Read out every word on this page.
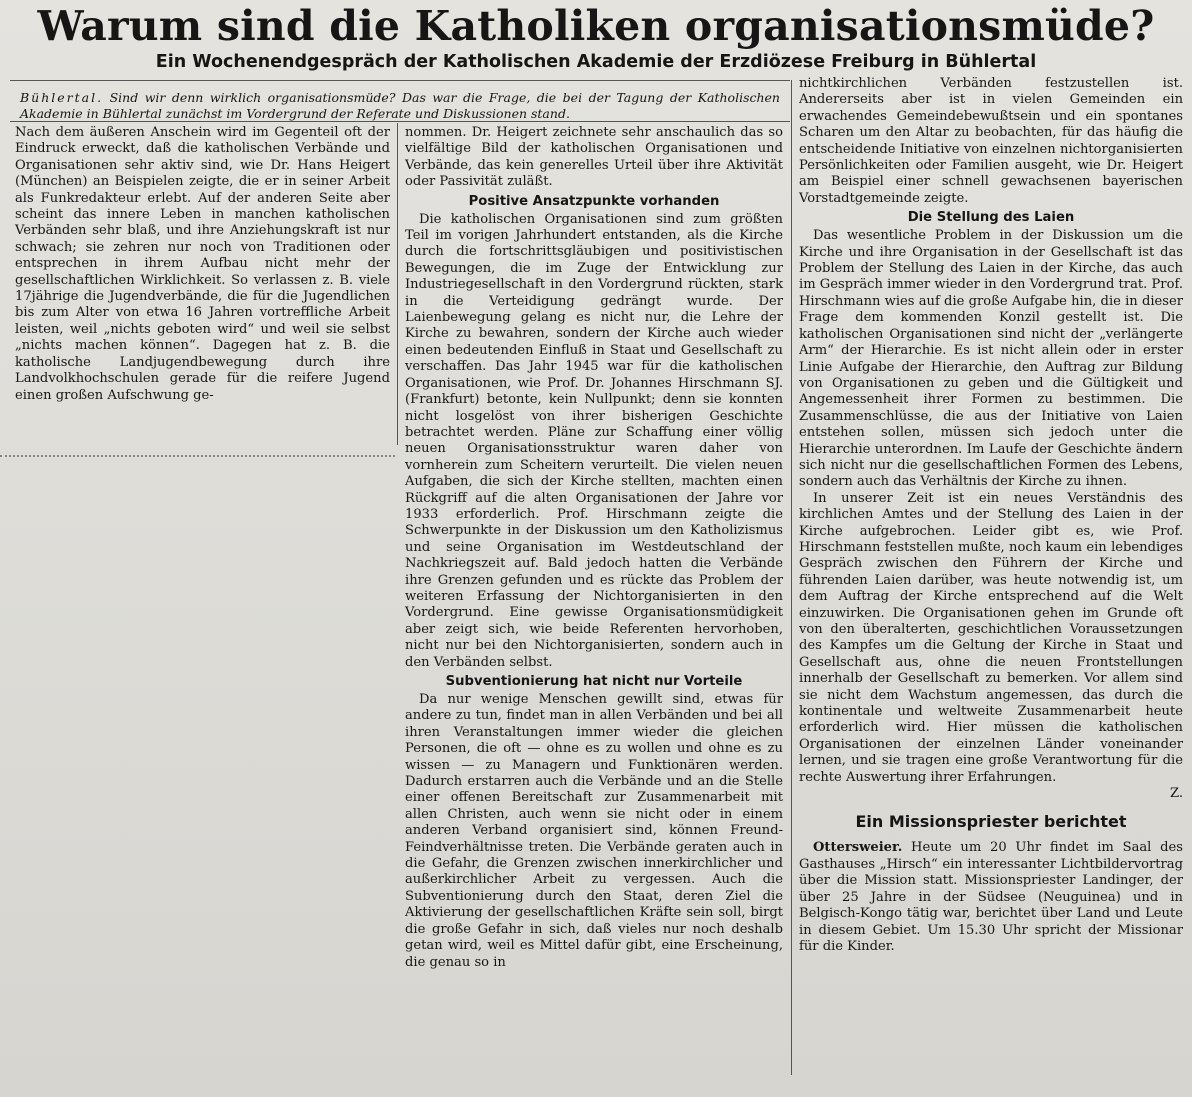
Warum sind die Katholiken organisationsmüde?
Ein Wochenendgespräch der Katholischen Akademie der Erzdiözese Freiburg in Bühlertal
Bühlertal. Sind wir denn wirklich organisationsmüde? Das war die Frage, die bei der Tagung der Katholischen Akademie in Bühlertal zunächst im Vordergrund der Referate und Diskussionen stand.

Nach dem äußeren Anschein wird im Gegenteil oft der Eindruck erweckt, daß die katholischen Verbände und Organisationen sehr aktiv sind, wie Dr. Hans Heigert (München) an Beispielen zeigte, die er in seiner Arbeit als Funkredakteur erlebt. Auf der anderen Seite aber scheint das innere Leben in manchen katholischen Verbänden sehr blaß, und ihre Anziehungskraft ist nur schwach; sie zehren nur noch von Traditionen oder entsprechen in ihrem Aufbau nicht mehr der gesellschaftlichen Wirklichkeit. So verlassen z. B. viele 17jährige die Jugendverbände, die für die Jugendlichen bis zum Alter von etwa 16 Jahren vortreffliche Arbeit leisten, weil „nichts geboten wird“ und weil sie selbst „nichts machen können“. Dagegen hat z. B. die katholische Landjugendbewegung durch ihre Landvolkhochschulen gerade für die reifere Jugend einen großen Aufschwung ge-

nommen. Dr. Heigert zeichnete sehr anschaulich das so vielfältige Bild der katholischen Organisationen und Verbände, das kein generelles Urteil über ihre Aktivität oder Passivität zuläßt.

Positive Ansatzpunkte vorhanden

Die katholischen Organisationen sind zum größten Teil im vorigen Jahrhundert entstanden, als die Kirche durch die fortschrittsgläubigen und positivistischen Bewegungen, die im Zuge der Entwicklung zur Industriegesellschaft in den Vordergrund rückten, stark in die Verteidigung gedrängt wurde. Der Laienbewegung gelang es nicht nur, die Lehre der Kirche zu bewahren, sondern der Kirche auch wieder einen bedeutenden Einfluß in Staat und Gesellschaft zu verschaffen. Das Jahr 1945 war für die katholischen Organisationen, wie Prof. Dr. Johannes Hirschmann SJ. (Frankfurt) betonte, kein Nullpunkt; denn sie konnten nicht losgelöst von ihrer bisherigen Geschichte betrachtet werden. Pläne zur Schaffung einer völlig neuen Organisationsstruktur waren daher von vornherein zum Scheitern verurteilt. Die vielen neuen Aufgaben, die sich der Kirche stellten, machten einen Rückgriff auf die alten Organisationen der Jahre vor 1933 erforderlich. Prof. Hirschmann zeigte die Schwerpunkte in der Diskussion um den Katholizismus und seine Organisation im Westdeutschland der Nachkriegszeit auf. Bald jedoch hatten die Verbände ihre Grenzen gefunden und es rückte das Problem der weiteren Erfassung der Nichtorganisierten in den Vordergrund. Eine gewisse Organisationsmüdigkeit aber zeigt sich, wie beide Referenten hervorhoben, nicht nur bei den Nichtorganisierten, sondern auch in den Verbänden selbst.

Subventionierung hat nicht nur Vorteile

Da nur wenige Menschen gewillt sind, etwas für andere zu tun, findet man in allen Verbänden und bei all ihren Veranstaltungen immer wieder die gleichen Personen, die oft — ohne es zu wollen und ohne es zu wissen — zu Managern und Funktionären werden. Dadurch erstarren auch die Verbände und an die Stelle einer offenen Bereitschaft zur Zusammenarbeit mit allen Christen, auch wenn sie nicht oder in einem anderen Verband organisiert sind, können Freund-Feindverhältnisse treten. Die Verbände geraten auch in die Gefahr, die Grenzen zwischen innerkirchlicher und außerkirchlicher Arbeit zu vergessen. Auch die Subventionierung durch den Staat, deren Ziel die Aktivierung der gesellschaftlichen Kräfte sein soll, birgt die große Gefahr in sich, daß vieles nur noch deshalb getan wird, weil es Mittel dafür gibt, eine Erscheinung, die genau so in

nichtkirchlichen Verbänden festzustellen ist. Andererseits aber ist in vielen Gemeinden ein erwachendes Gemeindebewußtsein und ein spontanes Scharen um den Altar zu beobachten, für das häufig die entscheidende Initiative von einzelnen nichtorganisierten Persönlichkeiten oder Familien ausgeht, wie Dr. Heigert am Beispiel einer schnell gewachsenen bayerischen Vorstadtgemeinde zeigte.

Die Stellung des Laien

Das wesentliche Problem in der Diskussion um die Kirche und ihre Organisation in der Gesellschaft ist das Problem der Stellung des Laien in der Kirche, das auch im Gespräch immer wieder in den Vordergrund trat. Prof. Hirschmann wies auf die große Aufgabe hin, die in dieser Frage dem kommenden Konzil gestellt ist. Die katholischen Organisationen sind nicht der „verlängerte Arm“ der Hierarchie. Es ist nicht allein oder in erster Linie Aufgabe der Hierarchie, den Auftrag zur Bildung von Organisationen zu geben und die Gültigkeit und Angemessenheit ihrer Formen zu bestimmen. Die Zusammenschlüsse, die aus der Initiative von Laien entstehen sollen, müssen sich jedoch unter die Hierarchie unterordnen. Im Laufe der Geschichte ändern sich nicht nur die gesellschaftlichen Formen des Lebens, sondern auch das Verhältnis der Kirche zu ihnen.

In unserer Zeit ist ein neues Verständnis des kirchlichen Amtes und der Stellung des Laien in der Kirche aufgebrochen. Leider gibt es, wie Prof. Hirschmann feststellen mußte, noch kaum ein lebendiges Gespräch zwischen den Führern der Kirche und führenden Laien darüber, was heute notwendig ist, um dem Auftrag der Kirche entsprechend auf die Welt einzuwirken. Die Organisationen gehen im Grunde oft von den überalterten, geschichtlichen Voraussetzungen des Kampfes um die Geltung der Kirche in Staat und Gesellschaft aus, ohne die neuen Frontstellungen innerhalb der Gesellschaft zu bemerken. Vor allem sind sie nicht dem Wachstum angemessen, das durch die kontinentale und weltweite Zusammenarbeit heute erforderlich wird. Hier müssen die katholischen Organisationen der einzelnen Länder voneinander lernen, und sie tragen eine große Verantwortung für die rechte Auswertung ihrer Erfahrungen.

Z.
Ein Missionspriester berichtet

Ottersweier. Heute um 20 Uhr findet im Saal des Gasthauses „Hirsch“ ein interessanter Lichtbildervortrag über die Mission statt. Missionspriester Landinger, der über 25 Jahre in der Südsee (Neuguinea) und in Belgisch-Kongo tätig war, berichtet über Land und Leute in diesem Gebiet. Um 15.30 Uhr spricht der Missionar für die Kinder.
